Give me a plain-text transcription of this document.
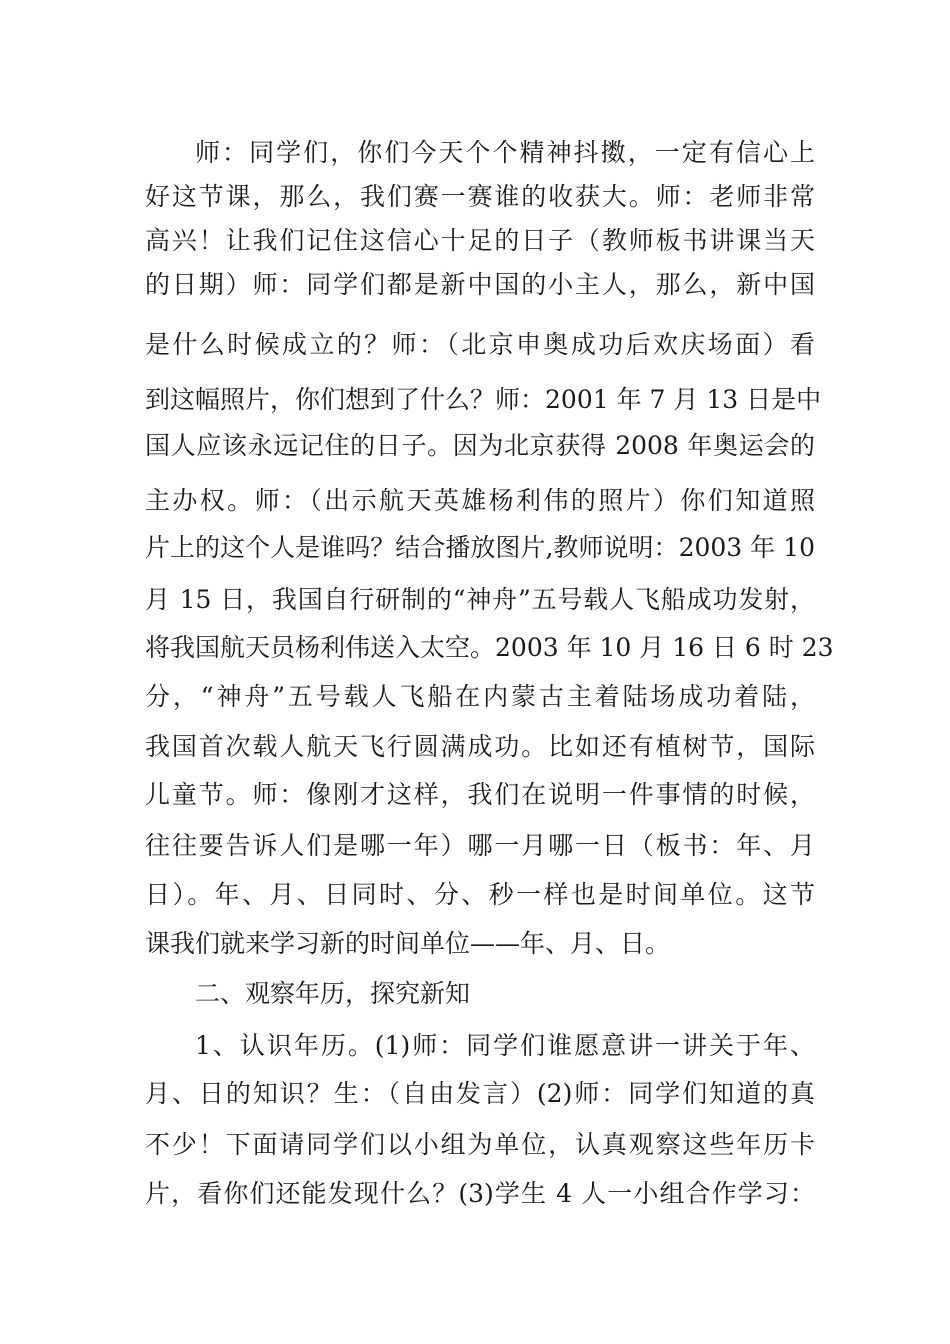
师：同学们，你们今天个个精神抖擞，一定有信心上
好这节课，那么，我们赛一赛谁的收获大。师：老师非常
高兴！让我们记住这信心十足的日子（教师板书讲课当天
的日期）师：同学们都是新中国的小主人，那么，新中国
是什么时候成立的？师：（北京申奥成功后欢庆场面）看
到这幅照片，你们想到了什么？师：2001 年 7 月 13 日是中
国人应该永远记住的日子。因为北京获得 2008 年奥运会的
主办权。师：（出示航天英雄杨利伟的照片）你们知道照
片上的这个人是谁吗？结合播放图片,教师说明：2003 年 10
月 15 日，我国自行研制的“神舟”五号载人飞船成功发射，
将我国航天员杨利伟送入太空。2003 年 10 月 16 日 6 时 23
分，“神舟”五号载人飞船在内蒙古主着陆场成功着陆，
我国首次载人航天飞行圆满成功。比如还有植树节，国际
儿童节。师：像刚才这样，我们在说明一件事情的时候，
往往要告诉人们是哪一年）哪一月哪一日（板书：年、月
日）。年、月、日同时、分、秒一样也是时间单位。这节
课我们就来学习新的时间单位——年、月、日。
二、观察年历，探究新知
1、认识年历。(1)师：同学们谁愿意讲一讲关于年、
月、日的知识？生：（自由发言）(2)师：同学们知道的真
不少！下面请同学们以小组为单位，认真观察这些年历卡
片，看你们还能发现什么？(3)学生 4 人一小组合作学习：
